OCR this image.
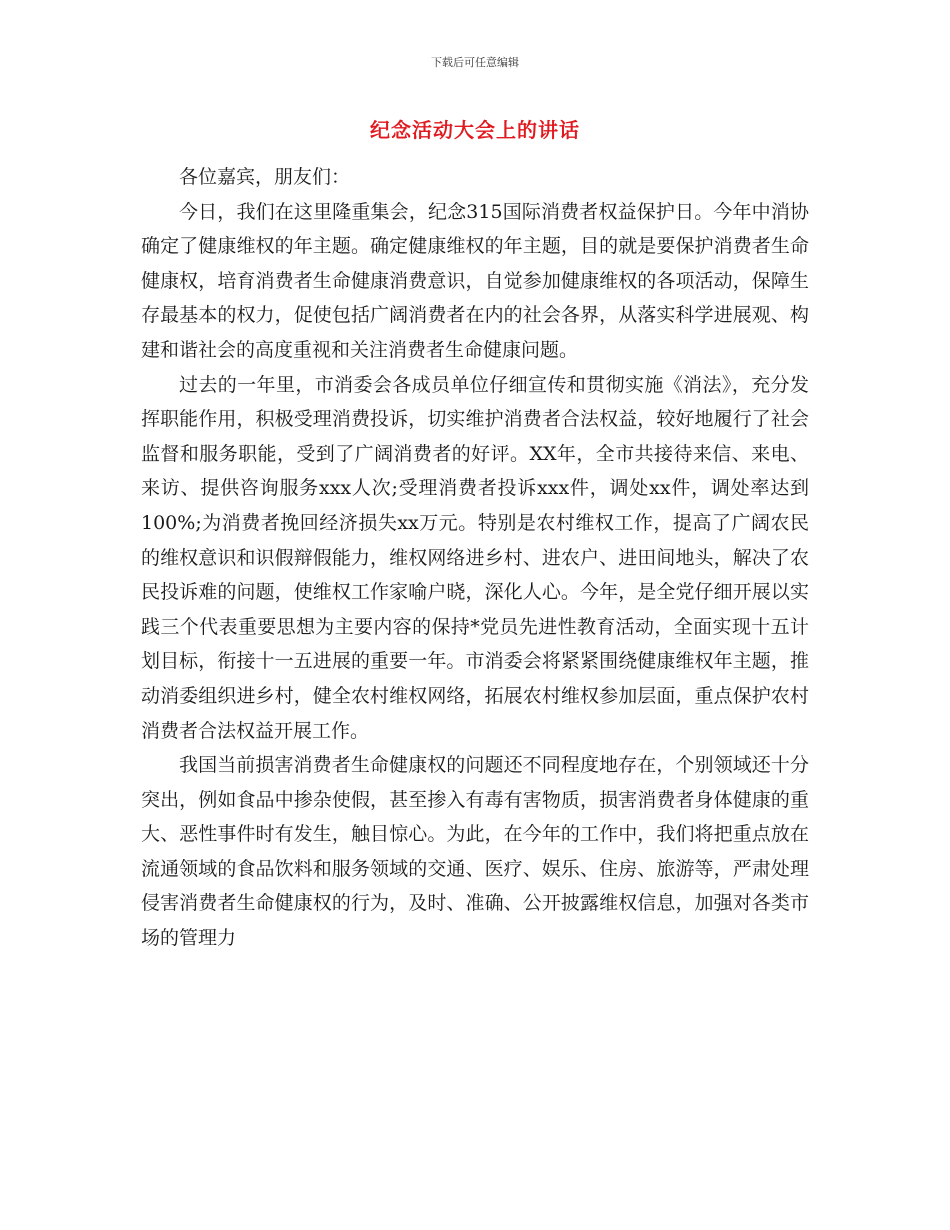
下载后可任意编辑
纪念活动大会上的讲话

各位嘉宾，朋友们：

今日，我们在这里隆重集会，纪念315国际消费者权益保护日。今年中消协确定了健康维权的年主题。确定健康维权的年主题，目的就是要保护消费者生命健康权，培育消费者生命健康消费意识，自觉参加健康维权的各项活动，保障生存最基本的权力，促使包括广阔消费者在内的社会各界，从落实科学进展观、构建和谐社会的高度重视和关注消费者生命健康问题。

过去的一年里，市消委会各成员单位仔细宣传和贯彻实施《消法》，充分发挥职能作用，积极受理消费投诉，切实维护消费者合法权益，较好地履行了社会监督和服务职能，受到了广阔消费者的好评。XX年，全市共接待来信、来电、来访、提供咨询服务xxx人次;受理消费者投诉xxx件，调处xx件，调处率达到100%;为消费者挽回经济损失xx万元。特别是农村维权工作，提高了广阔农民的维权意识和识假辩假能力，维权网络进乡村、进农户、进田间地头，解决了农民投诉难的问题，使维权工作家喻户晓，深化人心。今年，是全党仔细开展以实践三个代表重要思想为主要内容的保持*党员先进性教育活动，全面实现十五计划目标，衔接十一五进展的重要一年。市消委会将紧紧围绕健康维权年主题，推动消委组织进乡村，健全农村维权网络，拓展农村维权参加层面，重点保护农村消费者合法权益开展工作。

我国当前损害消费者生命健康权的问题还不同程度地存在，个别领域还十分突出，例如食品中掺杂使假，甚至掺入有毒有害物质，损害消费者身体健康的重大、恶性事件时有发生，触目惊心。为此，在今年的工作中，我们将把重点放在流通领域的食品饮料和服务领域的交通、医疗、娱乐、住房、旅游等，严肃处理侵害消费者生命健康权的行为，及时、准确、公开披露维权信息，加强对各类市场的管理力
